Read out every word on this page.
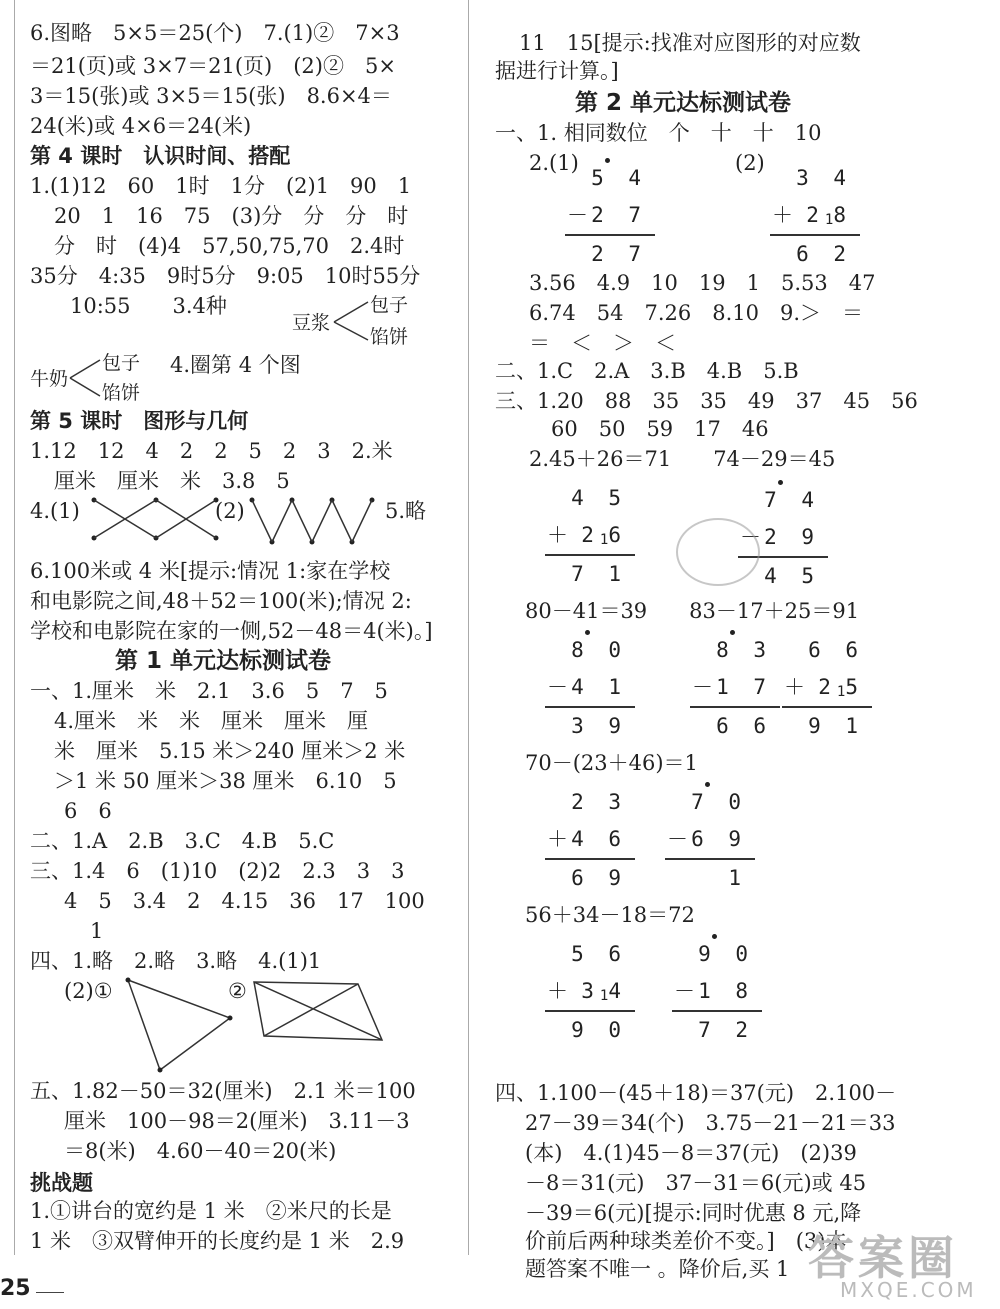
6.图略　5×5＝25(个)　7.(1)②　7×3
＝21(页)或 3×7＝21(页)　(2)②　5×
3＝15(张)或 3×5＝15(张)　8.6×4＝
24(米)或 4×6＝24(米)
第 4 课时　认识时间、搭配
1.(1)12　60　1时　1分　(2)1　90　1
20　1　16　75　(3)分　分　分　时
分　时　(4)4　57,50,75,70　2.4时
35分　4:35　9时5分　9:05　10时55分
10:55　　3.4种
豆浆
包子
馅饼
牛奶
包子
馅饼
4.圈第 4 个图
第 5 课时　图形与几何
1.12　12　4　2　2　5　2　3　2.米
厘米　厘米　米　3.8　5
4.(1)	(2)	5.略
6.100米或 4 米[提示:情况 1:家在学校
和电影院之间,48＋52＝100(米);情况 2:
学校和电影院在家的一侧,52－48＝4(米)。]
第 1 单元达标测试卷
一、1.厘米　米　2.1　3.6　5　7　5
4.厘米　米　米　厘米　厘米　厘
米　厘米　5.15 米＞240 厘米＞2 米
＞1 米 50 厘米＞38 厘米　6.10　5
6　6
二、1.A　2.B　3.C　4.B　5.C
三、1.4　6　(1)10　(2)2　2.3　3　3
4　5　3.4　2　4.15　36　17　100
1
四、1.略　2.略　3.略　4.(1)1
(2)①	②
五、1.82－50＝32(厘米)　2.1 米＝100
厘米　100－98＝2(厘米)　3.11－3
＝8(米)　4.60－40＝20(米)
挑战题
1.①讲台的宽约是 1 米　②米尺的长是
1 米　③双臂伸开的长度约是 1 米　2.9
11　15[提示:找准对应图形的对应数
据进行计算。]
第 2 单元达标测试卷
一、1. 相同数位　个　十　十　10
2.(1)	(2)
3.56　4.9　10　19　1　5.53　47
6.74　54　7.26　8.10　9.＞　＝
＝　＜　＞　＜
二、1.C　2.A　3.B　4.B　5.B
三、1.20　88　35　35　49　37　45　56
60　50　59　17　46
2.45＋26＝71　　74－29＝45
80－41＝39　　83－17＋25＝91
70－(23＋46)＝1
56＋34－18＝72
四、1.100－(45＋18)＝37(元)　2.100－
27－39＝34(个)　3.75－21－21＝33
(本)　4.(1)45－8＝37(元)　(2)39
－8＝31(元)　37－31＝6(元)或 45
－39＝6(元)[提示:同时优惠 8 元,降
价前后两种球类差价不变。]　(3)本
题答案不唯一 。降价后,买 1
5 4
2 7
－
2 7
3 4
218
＋
6 2
4 5
216
＋
7 1
7 4
2 9
－
4 5
8 0
4 1
－
3 9
8 3
1 7
－
6 6
6 6
215
＋
9 1
2 3
4 6
＋
6 9
7 0
6 9
－
1
5 6
314
＋
9 0
9 0
1 8
－
7 2
25
答案圈
MXQE.COM
